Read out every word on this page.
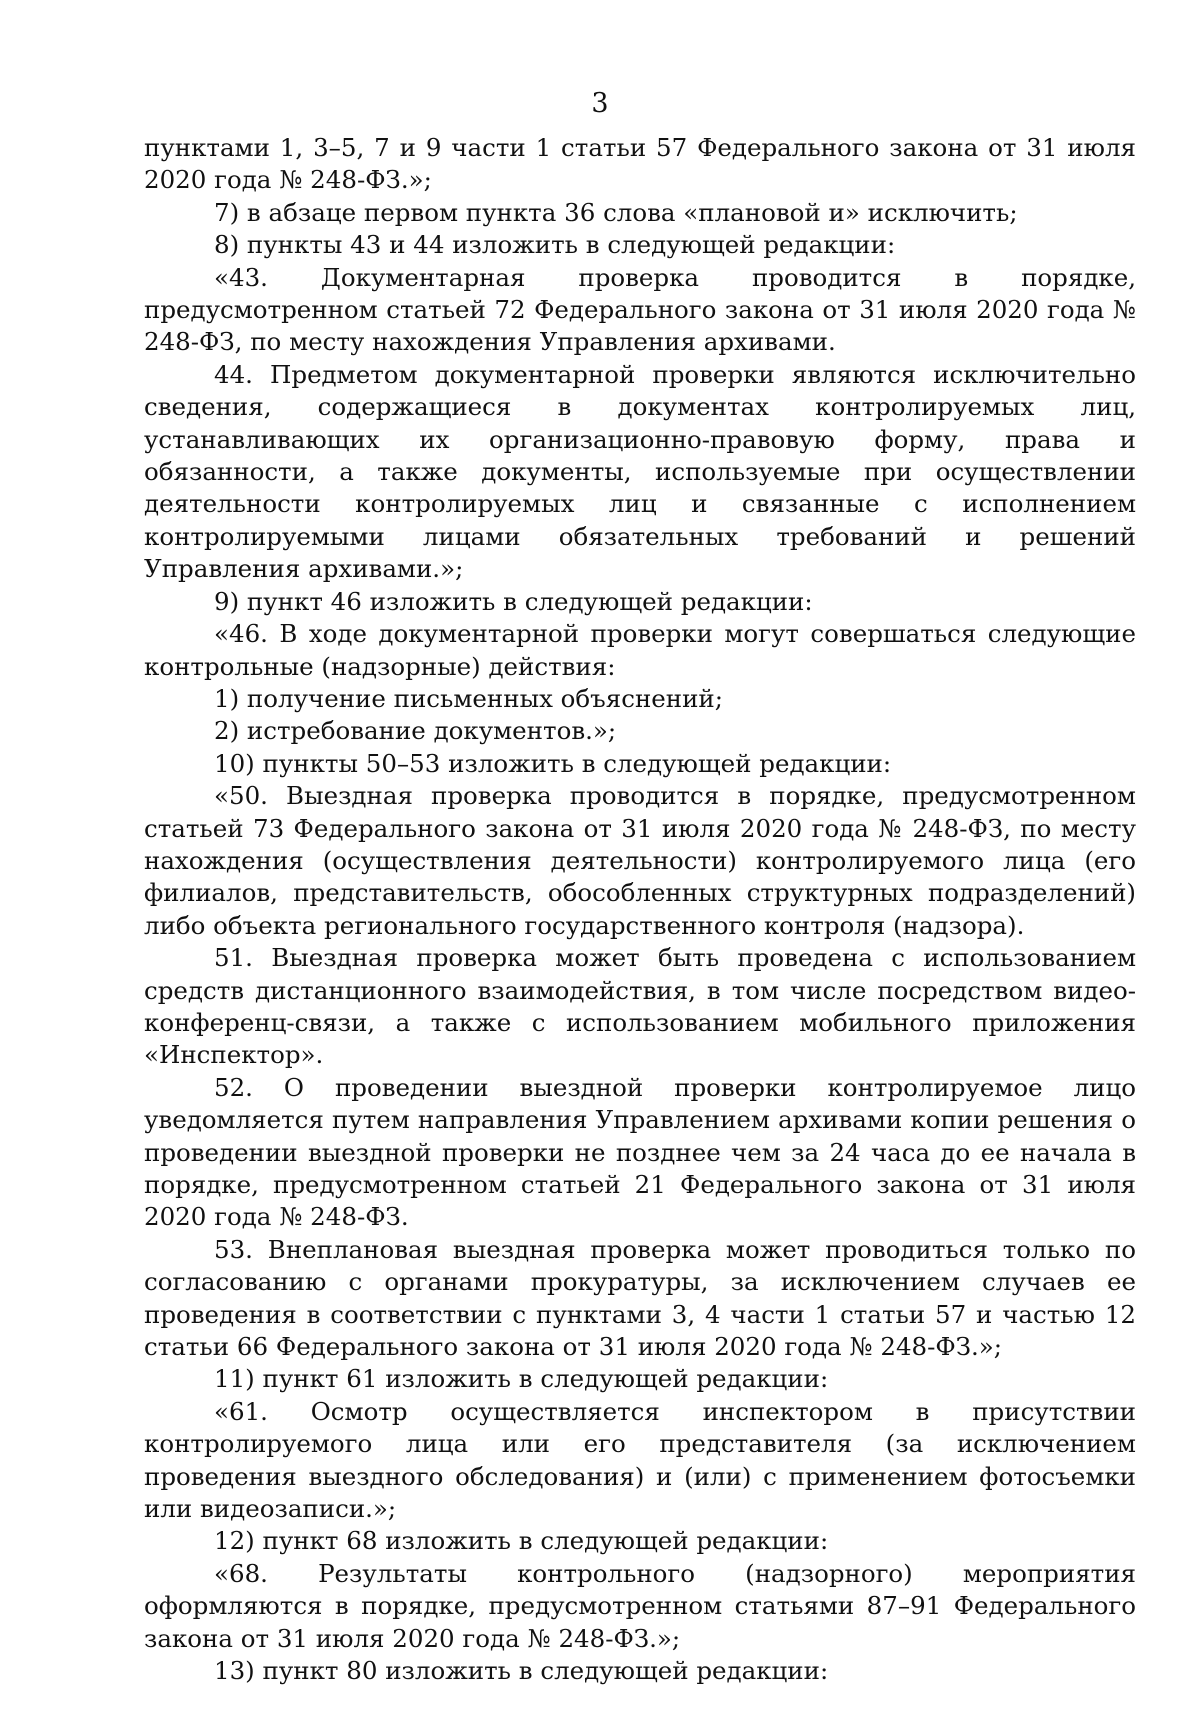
3

пунктами 1, 3–5, 7 и 9 части 1 статьи 57 Федерального закона от 31 июля 2020 года № 248-ФЗ.»;

7) в абзаце первом пункта 36 слова «плановой и» исключить;

8) пункты 43 и 44 изложить в следующей редакции:

«43. Документарная проверка проводится в порядке, предусмотренном статьей 72 Федерального закона от 31 июля 2020 года № 248-ФЗ, по месту нахождения Управления архивами.

44. Предметом документарной проверки являются исключительно сведения, содержащиеся в документах контролируемых лиц, устанавливающих их организационно-правовую форму, права и обязанности, а также документы, используемые при осуществлении деятельности контролируемых лиц и связанные с исполнением контролируемыми лицами обязательных требований и решений Управления архивами.»;

9) пункт 46 изложить в следующей редакции:

«46. В ходе документарной проверки могут совершаться следующие контрольные (надзорные) действия:

1) получение письменных объяснений;

2) истребование документов.»;

10) пункты 50–53 изложить в следующей редакции:

«50. Выездная проверка проводится в порядке, предусмотренном статьей 73 Федерального закона от 31 июля 2020 года № 248-ФЗ, по месту нахождения (осуществления деятельности) контролируемого лица (его филиалов, представительств, обособленных структурных подразделений) либо объекта регионального государственного контроля (надзора).

51. Выездная проверка может быть проведена с использованием средств дистанционного взаимодействия, в том числе посредством видео-конференц-связи, а также с использованием мобильного приложения «Инспектор».

52. О проведении выездной проверки контролируемое лицо уведомляется путем направления Управлением архивами копии решения о проведении выездной проверки не позднее чем за 24 часа до ее начала в порядке, предусмотренном статьей 21 Федерального закона от 31 июля 2020 года № 248-ФЗ.

53. Внеплановая выездная проверка может проводиться только по согласованию с органами прокуратуры, за исключением случаев ее проведения в соответствии с пунктами 3, 4 части 1 статьи 57 и частью 12 статьи 66 Федерального закона от 31 июля 2020 года № 248-ФЗ.»;

11) пункт 61 изложить в следующей редакции:

«61. Осмотр осуществляется инспектором в присутствии контролируемого лица или его представителя (за исключением проведения выездного обследования) и (или) с применением фотосъемки или видеозаписи.»;

12) пункт 68 изложить в следующей редакции:

«68. Результаты контрольного (надзорного) мероприятия оформляются в порядке, предусмотренном статьями 87–91 Федерального закона от 31 июля 2020 года № 248-ФЗ.»;

13) пункт 80 изложить в следующей редакции:
